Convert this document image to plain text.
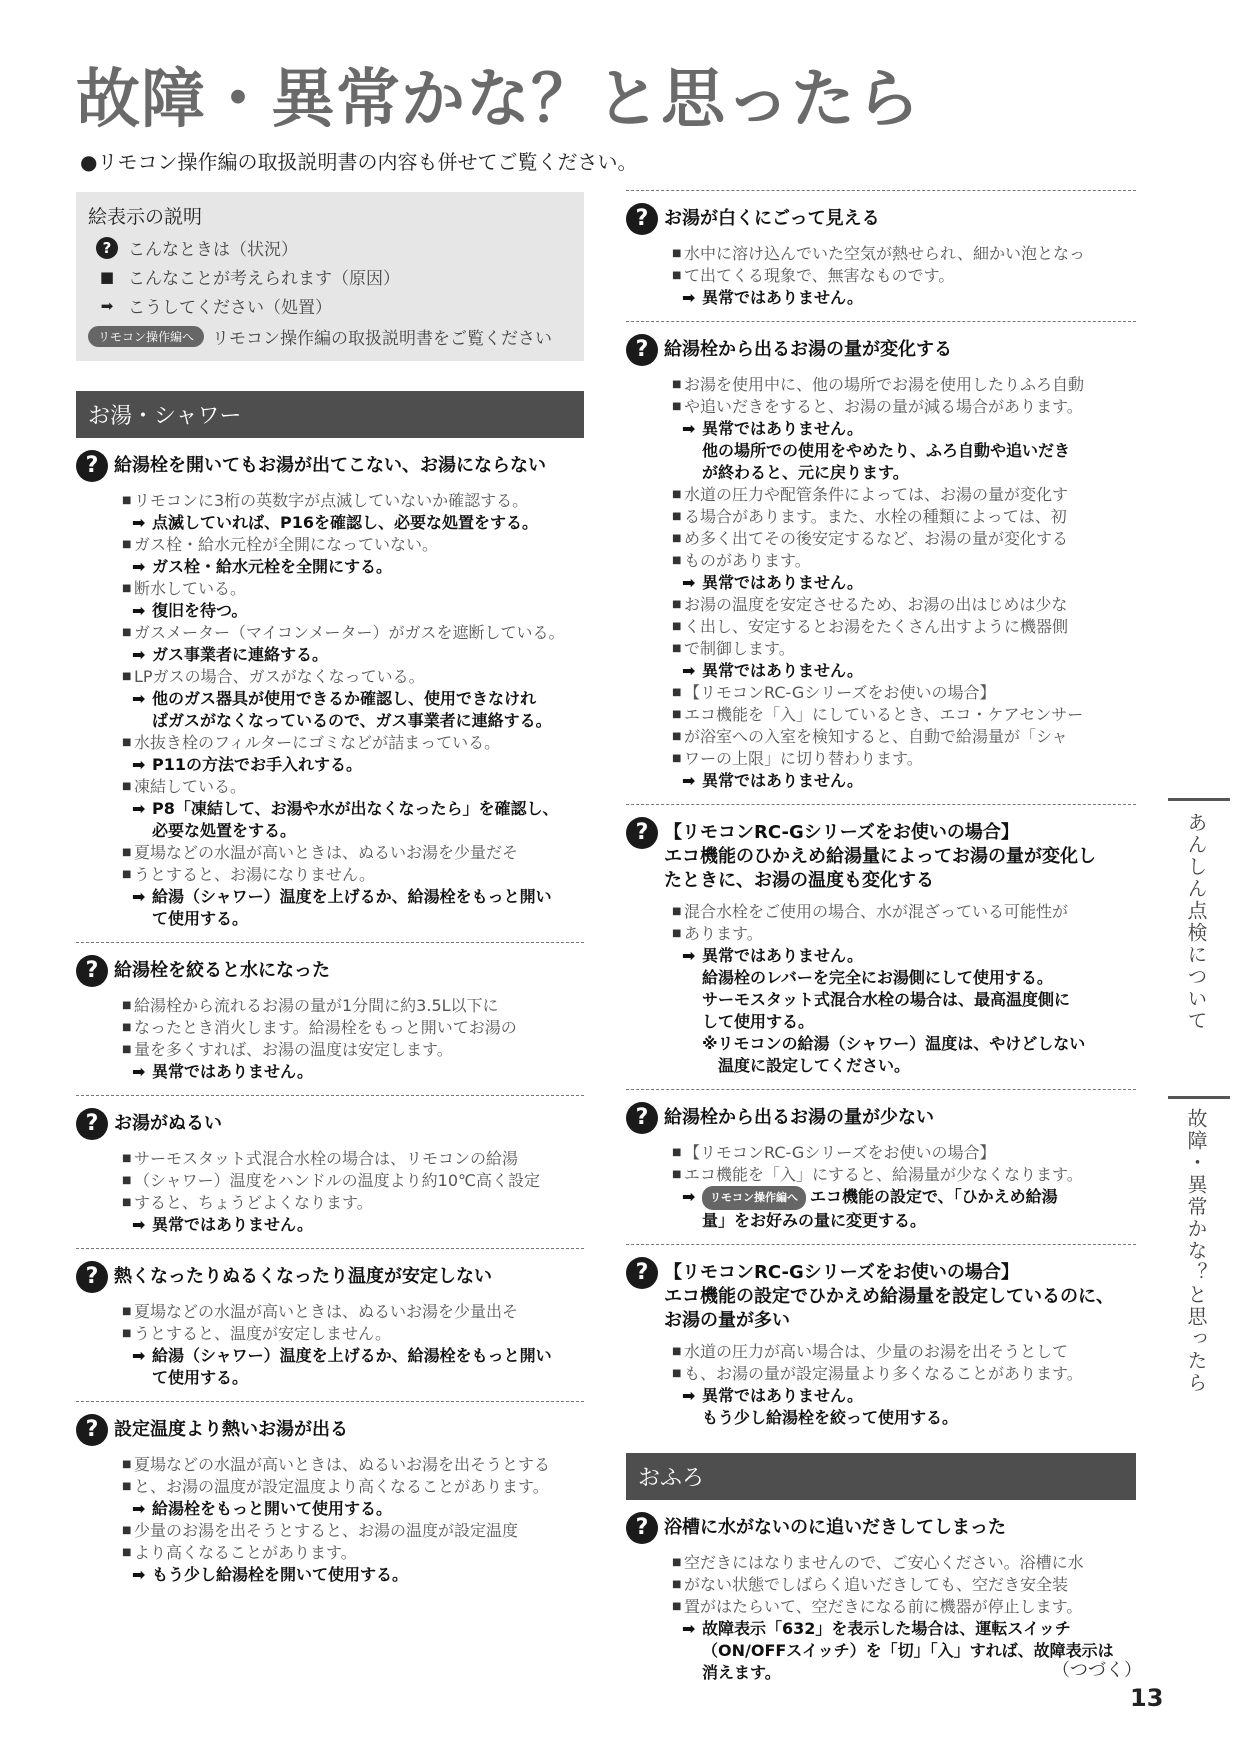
故障・異常かな？と思ったら
●リモコン操作編の取扱説明書の内容も併せてご覧ください。
絵表示の説明
? こんなときは（状況）
■ こんなことが考えられます（原因）
➡ こうしてください（処置）
リモコン操作編へ	リモコン操作編の取扱説明書をご覧ください
お湯・シャワー
? 給湯栓を開いてもお湯が出てこない、お湯にならない
■ リモコンに3桁の英数字が点滅していないか確認する。
➡ 点滅していれば、P16を確認し、必要な処置をする。
■ ガス栓・給水元栓が全開になっていない。
➡ ガス栓・給水元栓を全開にする。
■ 断水している。
➡ 復旧を待つ。
■ ガスメーター（マイコンメーター）がガスを遮断している。
➡ ガス事業者に連絡する。
■ LPガスの場合、ガスがなくなっている。
➡ 他のガス器具が使用できるか確認し、使用できなけれ
ばガスがなくなっているので、ガス事業者に連絡する。
■ 水抜き栓のフィルターにゴミなどが詰まっている。
➡ P11の方法でお手入れする。
■ 凍結している。
➡ P8「凍結して、お湯や水が出なくなったら」を確認し、
必要な処置をする。
■ 夏場などの水温が高いときは、ぬるいお湯を少量だそ
■ うとすると、お湯になりません。
➡ 給湯（シャワー）温度を上げるか、給湯栓をもっと開い
て使用する。
? 給湯栓を絞ると水になった
■ 給湯栓から流れるお湯の量が1分間に約3.5L以下に
■ なったとき消火します。給湯栓をもっと開いてお湯の
■ 量を多くすれば、お湯の温度は安定します。
➡ 異常ではありません。
? お湯がぬるい
■ サーモスタット式混合水栓の場合は、リモコンの給湯
■ （シャワー）温度をハンドルの温度より約10℃高く設定
■ すると、ちょうどよくなります。
➡ 異常ではありません。
? 熱くなったりぬるくなったり温度が安定しない
■ 夏場などの水温が高いときは、ぬるいお湯を少量出そ
■ うとすると、温度が安定しません。
➡ 給湯（シャワー）温度を上げるか、給湯栓をもっと開い
て使用する。
? 設定温度より熱いお湯が出る
■ 夏場などの水温が高いときは、ぬるいお湯を出そうとする
■ と、お湯の温度が設定温度より高くなることがあります。
➡ 給湯栓をもっと開いて使用する。
■ 少量のお湯を出そうとすると、お湯の温度が設定温度
■ より高くなることがあります。
➡ もう少し給湯栓を開いて使用する。
? お湯が白くにごって見える
■ 水中に溶け込んでいた空気が熱せられ、細かい泡となっ
■ て出てくる現象で、無害なものです。
➡ 異常ではありません。
? 給湯栓から出るお湯の量が変化する
■ お湯を使用中に、他の場所でお湯を使用したりふろ自動
■ や追いだきをすると、お湯の量が減る場合があります。
➡ 異常ではありません。
他の場所での使用をやめたり、ふろ自動や追いだき
が終わると、元に戻ります。
■ 水道の圧力や配管条件によっては、お湯の量が変化す
■ る場合があります。また、水栓の種類によっては、初
■ め多く出てその後安定するなど、お湯の量が変化する
■ ものがあります。
➡ 異常ではありません。
■ お湯の温度を安定させるため、お湯の出はじめは少な
■ く出し、安定するとお湯をたくさん出すように機器側
■ で制御します。
➡ 異常ではありません。
■ 【リモコンRC-Gシリーズをお使いの場合】
■ エコ機能を「入」にしているとき、エコ・ケアセンサー
■ が浴室への入室を検知すると、自動で給湯量が「シャ
■ ワーの上限」に切り替わります。
➡ 異常ではありません。
? 【リモコンRC-Gシリーズをお使いの場合】
エコ機能のひかえめ給湯量によってお湯の量が変化し
たときに、お湯の温度も変化する
■ 混合水栓をご使用の場合、水が混ざっている可能性が
■ あります。
➡ 異常ではありません。
給湯栓のレバーを完全にお湯側にして使用する。
サーモスタット式混合水栓の場合は、最高温度側に
して使用する。
※リモコンの給湯（シャワー）温度は、やけどしない
温度に設定してください。
? 給湯栓から出るお湯の量が少ない
■ 【リモコンRC-Gシリーズをお使いの場合】
■ エコ機能を「入」にすると、給湯量が少なくなります。
➡ リモコン操作編へ エコ機能の設定で、「ひかえめ給湯
量」をお好みの量に変更する。
? 【リモコンRC-Gシリーズをお使いの場合】
エコ機能の設定でひかえめ給湯量を設定しているのに、
お湯の量が多い
■ 水道の圧力が高い場合は、少量のお湯を出そうとして
■ も、お湯の量が設定湯量より多くなることがあります。
➡ 異常ではありません。
もう少し給湯栓を絞って使用する。
おふろ
? 浴槽に水がないのに追いだきしてしまった
■ 空だきにはなりませんので、ご安心ください。浴槽に水
■ がない状態でしばらく追いだきしても、空だき安全装
■ 置がはたらいて、空だきになる前に機器が停止します。
➡ 故障表示「632」を表示した場合は、運転スイッチ
（ON/OFFスイッチ）を「切」「入」すれば、故障表示は
消えます。
あんしん点検について
故障・異常かな？と思ったら
（つづく）
13
